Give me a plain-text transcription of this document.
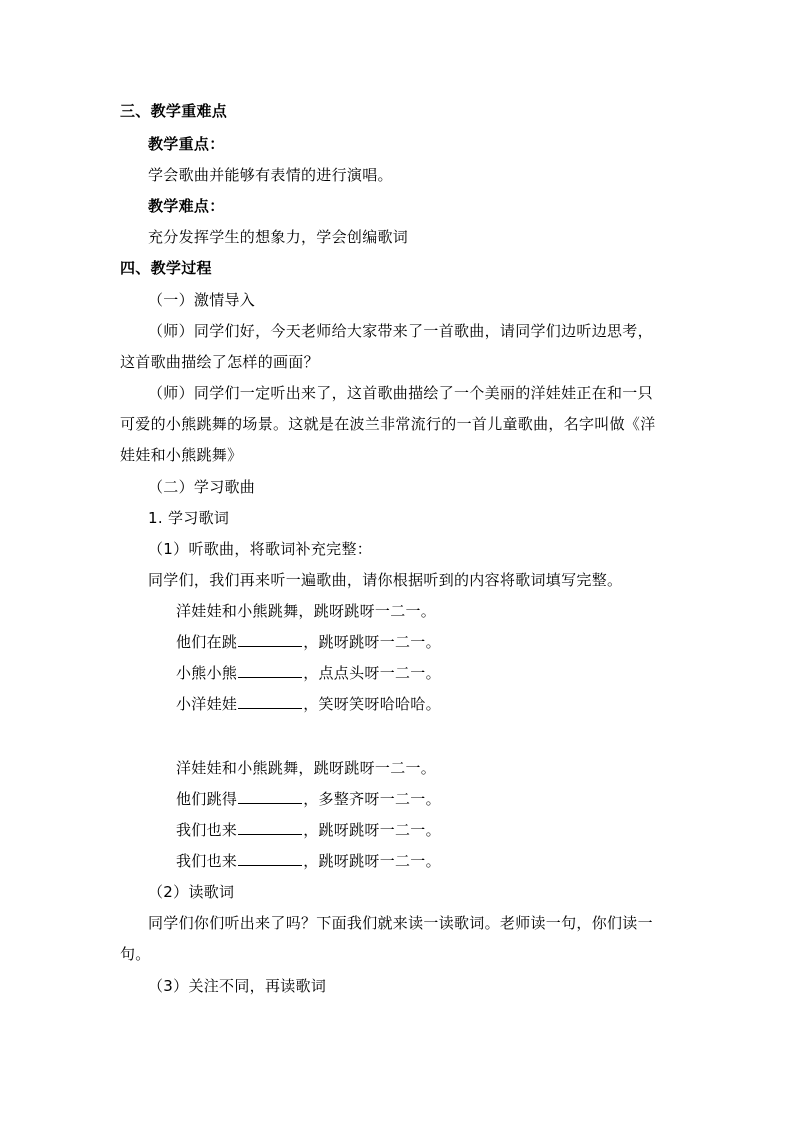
三、教学重难点
教学重点：
学会歌曲并能够有表情的进行演唱。
教学难点：
充分发挥学生的想象力，学会创编歌词
四、教学过程
（一）激情导入
（师）同学们好，今天老师给大家带来了一首歌曲，请同学们边听边思考，
这首歌曲描绘了怎样的画面？
（师）同学们一定听出来了，这首歌曲描绘了一个美丽的洋娃娃正在和一只
可爱的小熊跳舞的场景。这就是在波兰非常流行的一首儿童歌曲，名字叫做《洋
娃娃和小熊跳舞》
（二）学习歌曲
1. 学习歌词
（1）听歌曲，将歌词补充完整：
同学们，我们再来听一遍歌曲，请你根据听到的内容将歌词填写完整。
洋娃娃和小熊跳舞，跳呀跳呀一二一。
他们在跳	，跳呀跳呀一二一。
小熊小熊	，点点头呀一二一。
小洋娃娃	，笑呀笑呀哈哈哈。
洋娃娃和小熊跳舞，跳呀跳呀一二一。
他们跳得	，多整齐呀一二一。
我们也来	，跳呀跳呀一二一。
我们也来	，跳呀跳呀一二一。
（2）读歌词
同学们你们听出来了吗？下面我们就来读一读歌词。老师读一句，你们读一
句。
（3）关注不同，再读歌词
